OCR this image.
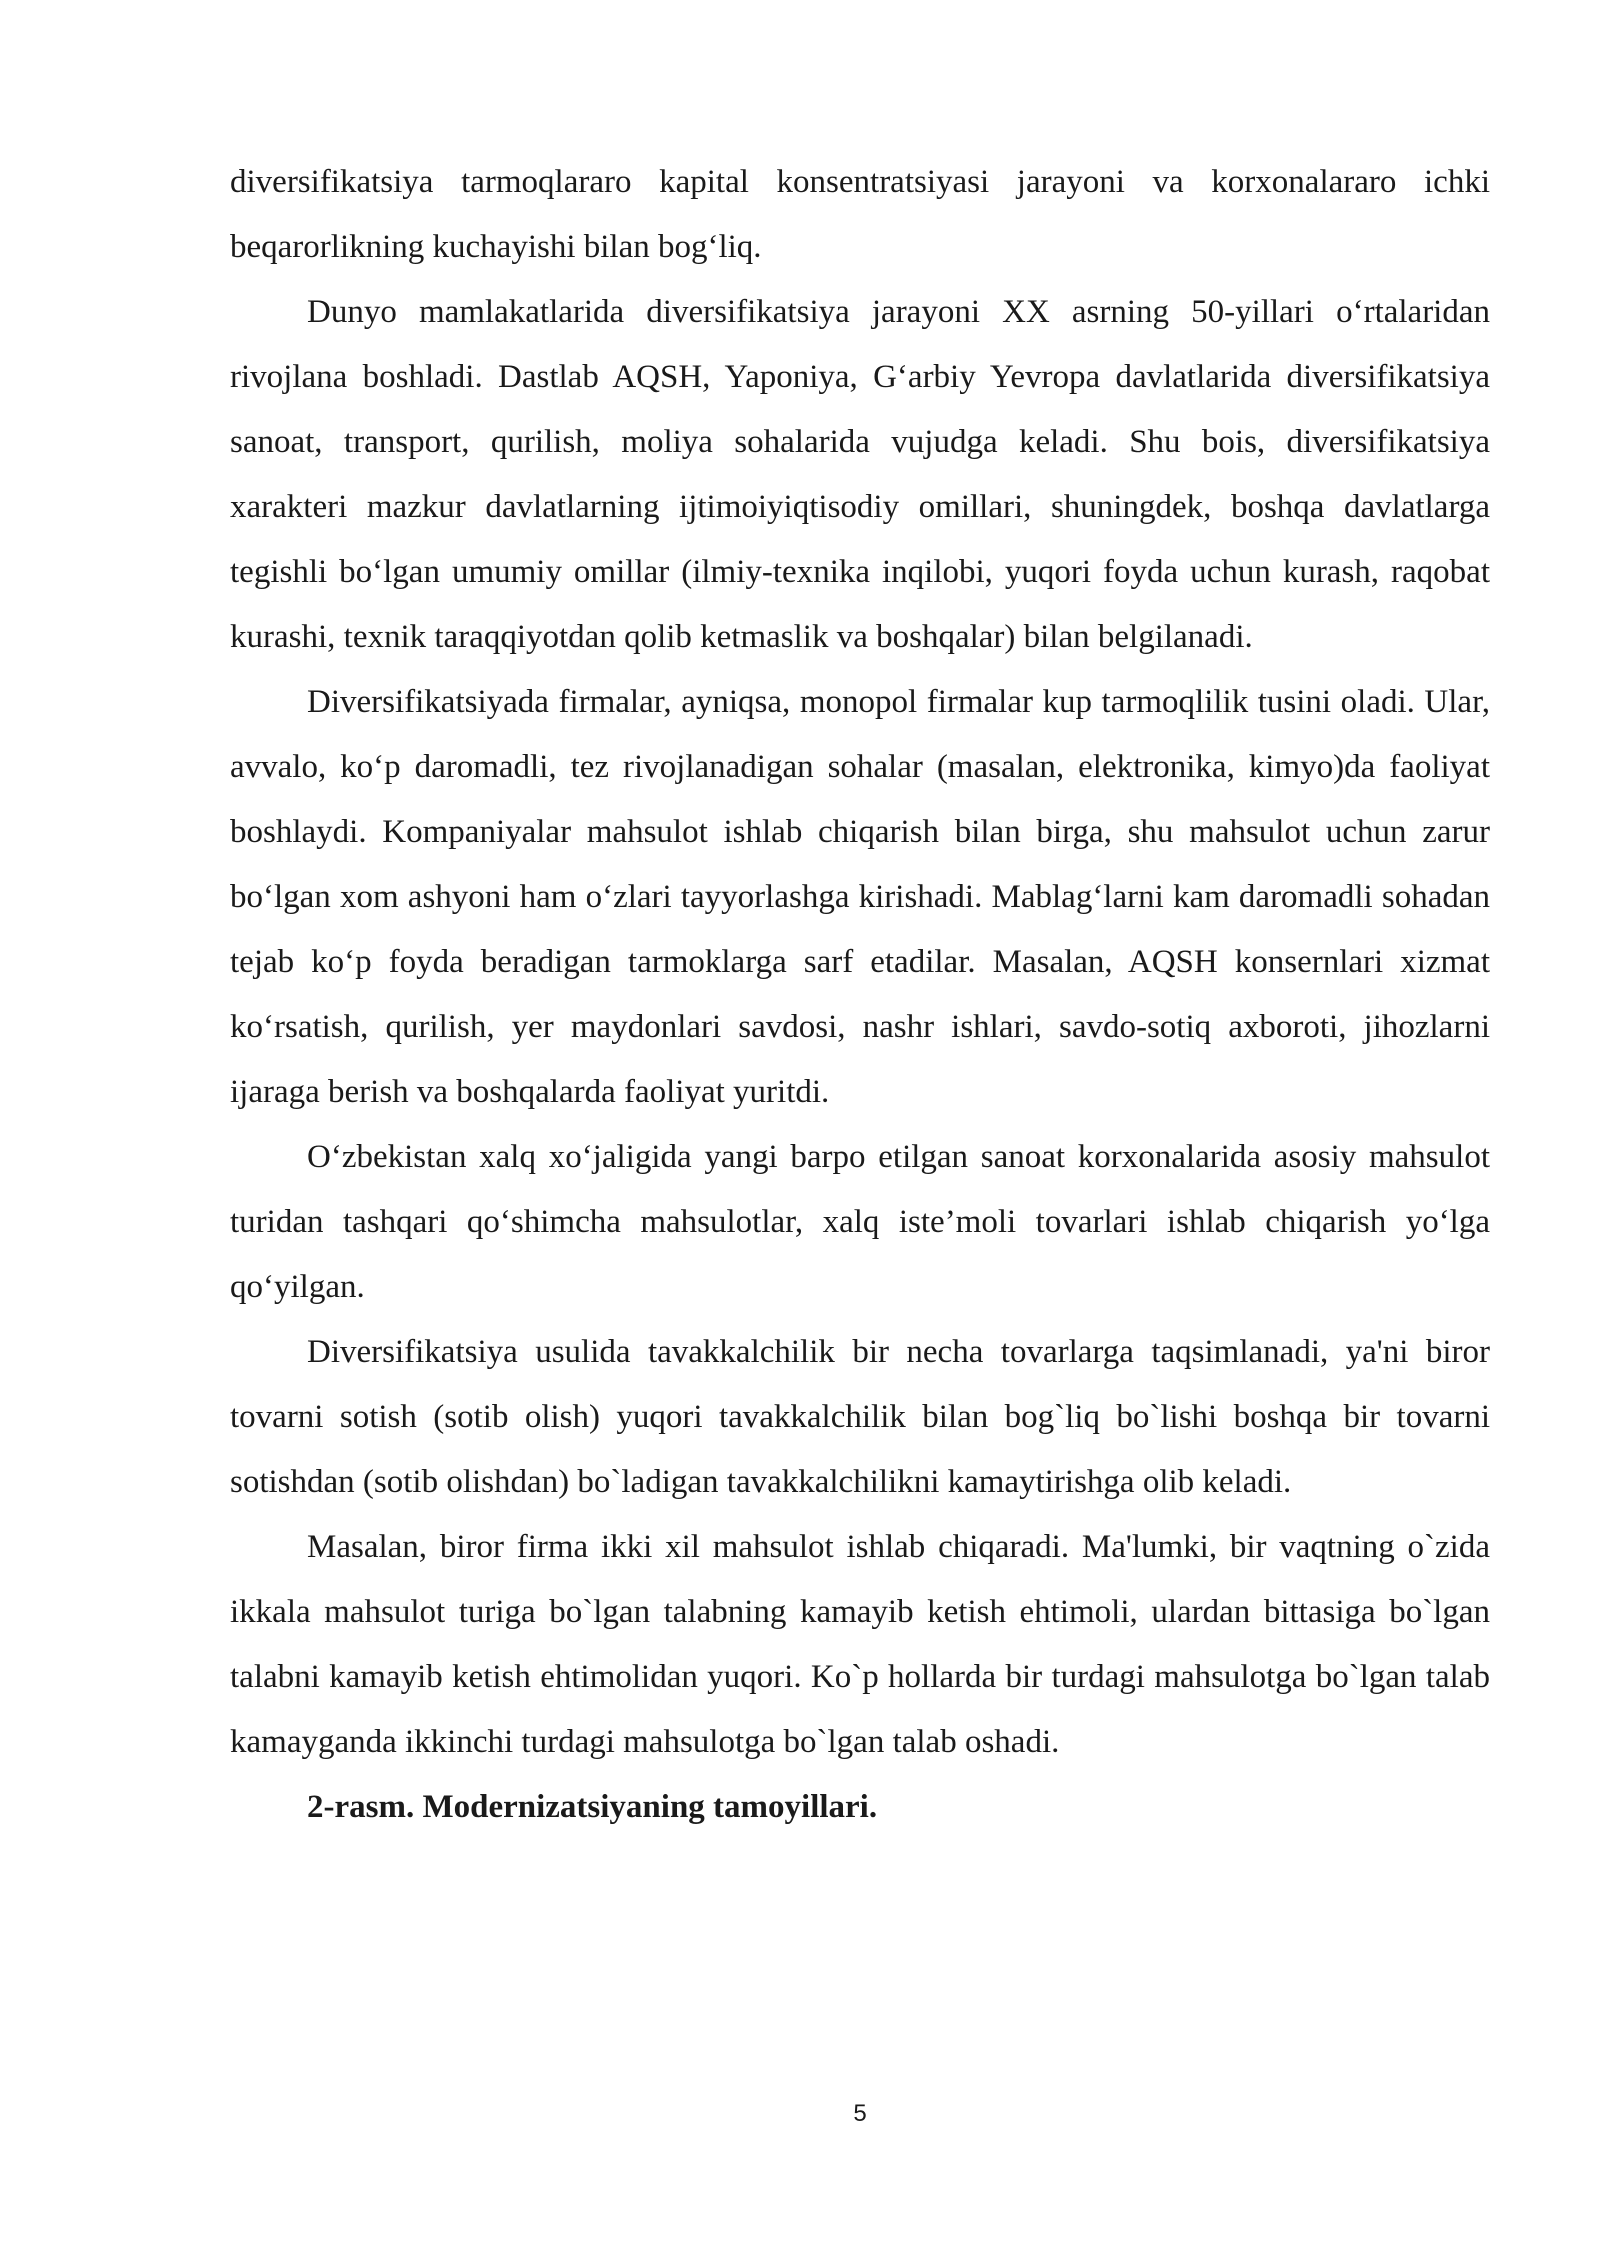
diversifikatsiya tarmoqlararo kapital konsentratsiyasi jarayoni va korxonalararo ichki beqarorlikning kuchayishi bilan bog‘liq.

Dunyo mamlakatlarida diversifikatsiya jarayoni XX asrning 50-yillari o‘rtalaridan rivojlana boshladi. Dastlab AQSH, Yaponiya, G‘arbiy Yevropa davlatlarida diversifikatsiya sanoat, transport, qurilish, moliya sohalarida vujudga keladi. Shu bois, diversifikatsiya xarakteri mazkur davlatlarning ijtimoiyiqtisodiy omillari, shuningdek, boshqa davlatlarga tegishli bo‘lgan umumiy omillar (ilmiy-texnika inqilobi, yuqori foyda uchun kurash, raqobat kurashi, texnik taraqqiyotdan qolib ketmaslik va boshqalar) bilan belgilanadi.

Diversifikatsiyada firmalar, ayniqsa, monopol firmalar kup tarmoqlilik tusini oladi. Ular, avvalo, ko‘p daromadli, tez rivojlanadigan sohalar (masalan, elektronika, kimyo)da faoliyat boshlaydi. Kompaniyalar mahsulot ishlab chiqarish bilan birga, shu mahsulot uchun zarur bo‘lgan xom ashyoni ham o‘zlari tayyorlashga kirishadi. Mablag‘larni kam daromadli sohadan tejab ko‘p foyda beradigan tarmoklarga sarf etadilar. Masalan, AQSH konsernlari xizmat ko‘rsatish, qurilish, yer maydonlari savdosi, nashr ishlari, savdo-sotiq axboroti, jihozlarni ijaraga berish va boshqalarda faoliyat yuritdi.

O‘zbekistan xalq xo‘jaligida yangi barpo etilgan sanoat korxonalarida asosiy mahsulot turidan tashqari qo‘shimcha mahsulotlar, xalq iste’moli tovarlari ishlab chiqarish yo‘lga qo‘yilgan.

Diversifikatsiya usulida tavakkalchilik bir necha tovarlarga taqsimlanadi, ya'ni biror tovarni sotish (sotib olish) yuqori tavakkalchilik bilan bog`liq bo`lishi boshqa bir tovarni sotishdan (sotib olishdan) bo`ladigan tavakkalchilikni kamaytirishga olib keladi.

Masalan, biror firma ikki xil mahsulot ishlab chiqaradi. Ma'lumki, bir vaqtning o`zida ikkala mahsulot turiga bo`lgan talabning kamayib ketish ehtimoli, ulardan bittasiga bo`lgan talabni kamayib ketish ehtimolidan yuqori. Ko`p hollarda bir turdagi mahsulotga bo`lgan talab kamayganda ikkinchi turdagi mahsulotga bo`lgan talab oshadi.

2-rasm. Modernizatsiyaning tamoyillari.

5
